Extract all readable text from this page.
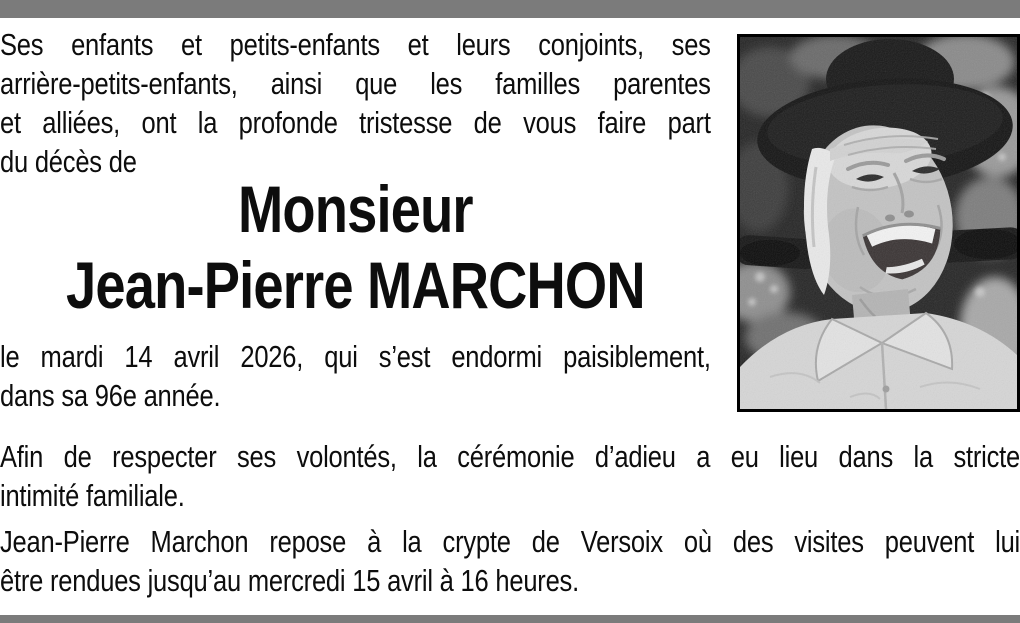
Ses enfants et petits-enfants et leurs conjoints, ses
arrière-petits-enfants, ainsi que les familles parentes
et alliées, ont la profonde tristesse de vous faire part
du décès de

Monsieur
Jean-Pierre MARCHON

le mardi 14 avril 2026, qui s’est endormi paisiblement,
dans sa 96e année.

Afin de respecter ses volontés, la cérémonie d’adieu a eu lieu dans la stricte
intimité familiale.

Jean-Pierre Marchon repose à la crypte de Versoix où des visites peuvent lui
être rendues jusqu’au mercredi 15 avril à 16 heures.
